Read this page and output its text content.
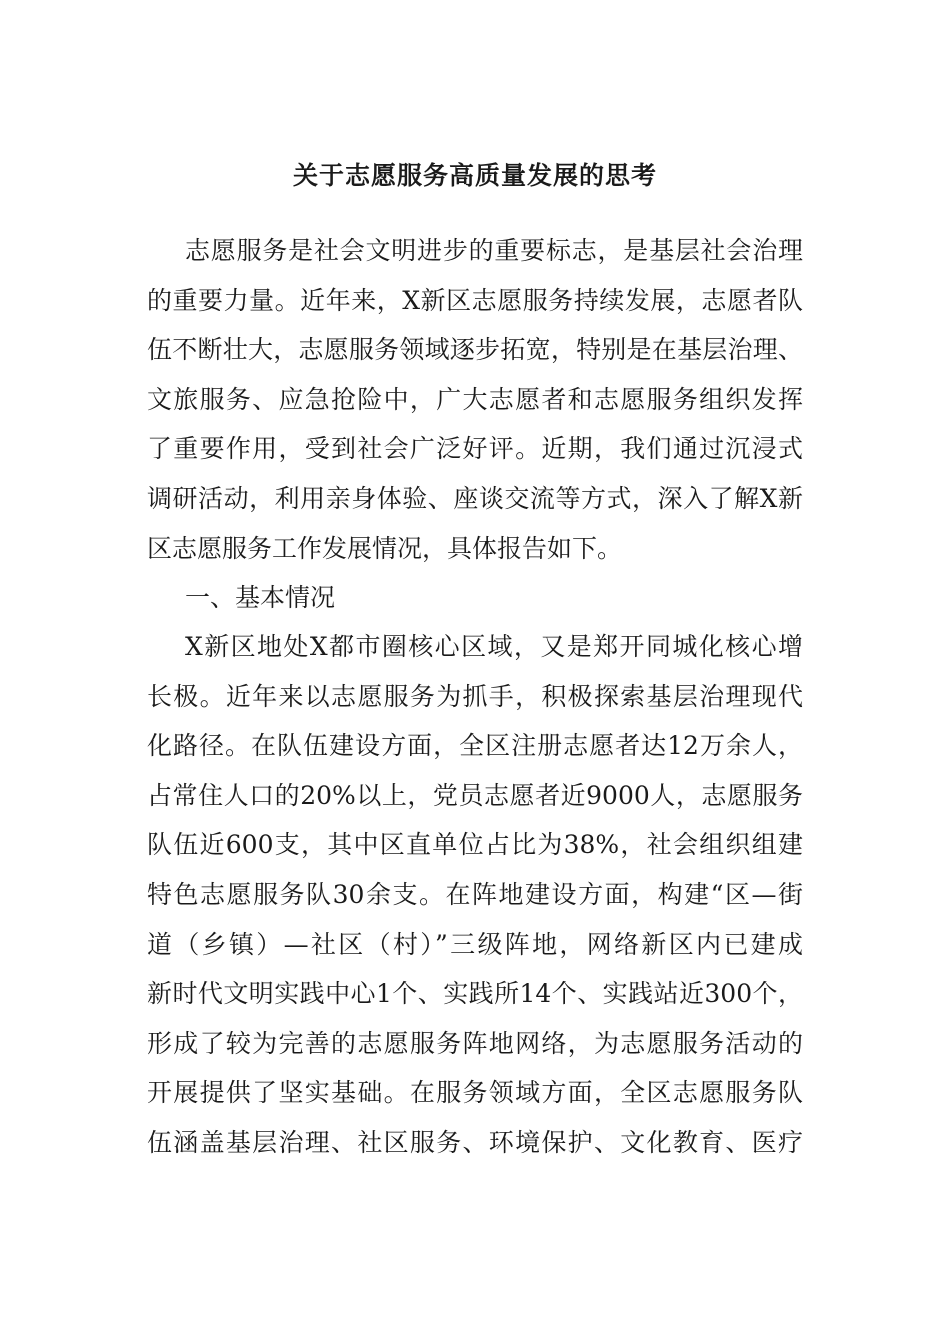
关于志愿服务高质量发展的思考
志愿服务是社会文明进步的重要标志，是基层社会治理
的重要力量。近年来，X新区志愿服务持续发展，志愿者队
伍不断壮大，志愿服务领域逐步拓宽，特别是在基层治理、
文旅服务、应急抢险中，广大志愿者和志愿服务组织发挥
了重要作用，受到社会广泛好评。近期，我们通过沉浸式
调研活动，利用亲身体验、座谈交流等方式，深入了解X新
区志愿服务工作发展情况，具体报告如下。
一、基本情况
X新区地处X都市圈核心区域，又是郑开同城化核心增
长极。近年来以志愿服务为抓手，积极探索基层治理现代
化路径。在队伍建设方面，全区注册志愿者达12万余人，
占常住人口的20%以上，党员志愿者近9000人，志愿服务
队伍近600支，其中区直单位占比为38%，社会组织组建
特色志愿服务队30余支。在阵地建设方面，构建“区—街
道（乡镇）—社区（村）”三级阵地，网络新区内已建成
新时代文明实践中心1个、实践所14个、实践站近300个，
形成了较为完善的志愿服务阵地网络，为志愿服务活动的
开展提供了坚实基础。在服务领域方面，全区志愿服务队
伍涵盖基层治理、社区服务、环境保护、文化教育、医疗
